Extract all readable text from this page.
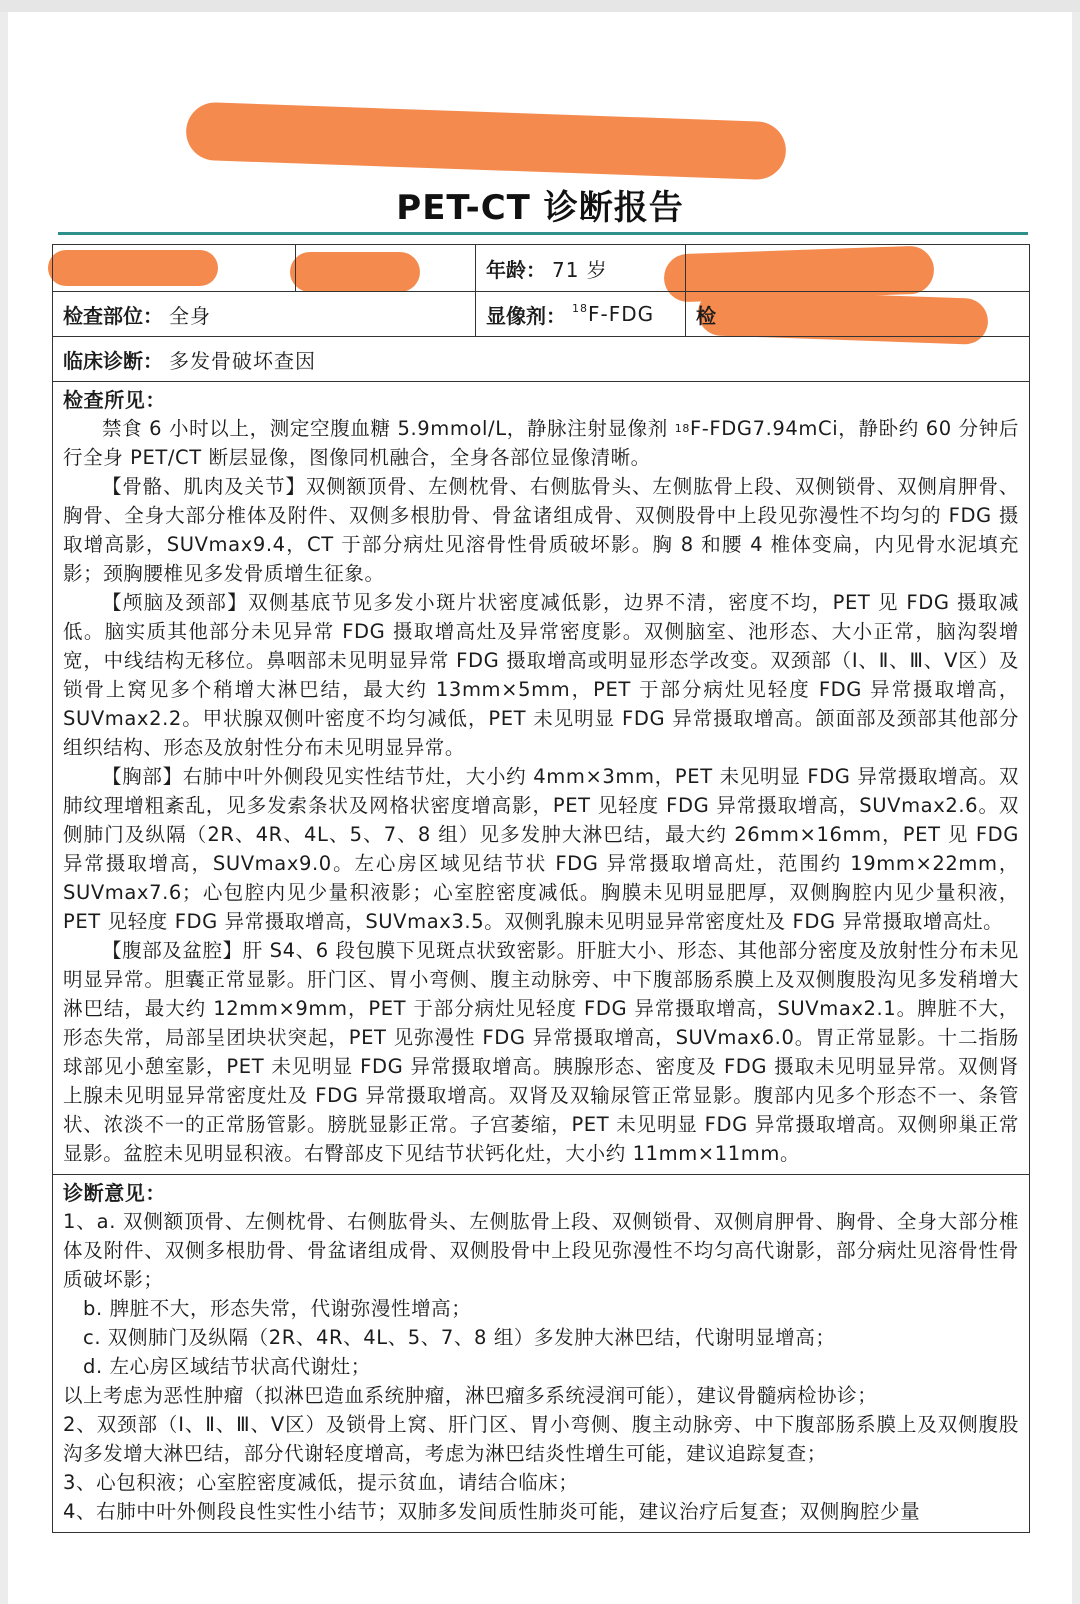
PET-CT 诊断报告
年龄： 71 岁
检查部位： 全身	显像剂： $^{18}$F-FDG 检
临床诊断： 多发骨破坏查因
检查所见：

禁食 6 小时以上，测定空腹血糖 5.9mmol/L，静脉注射显像剂 $^{18}$F-FDG7.94mCi，静卧约 60 分钟后行全身 PET/CT 断层显像，图像同机融合，全身各部位显像清晰。

【骨骼、肌肉及关节】双侧额顶骨、左侧枕骨、右侧肱骨头、左侧肱骨上段、双侧锁骨、双侧肩胛骨、胸骨、全身大部分椎体及附件、双侧多根肋骨、骨盆诸组成骨、双侧股骨中上段见弥漫性不均匀的 FDG 摄取增高影，SUVmax9.4，CT 于部分病灶见溶骨性骨质破坏影。胸 8 和腰 4 椎体变扁，内见骨水泥填充影；颈胸腰椎见多发骨质增生征象。

【颅脑及颈部】双侧基底节见多发小斑片状密度减低影，边界不清，密度不均，PET 见 FDG 摄取减低。脑实质其他部分未见异常 FDG 摄取增高灶及异常密度影。双侧脑室、池形态、大小正常，脑沟裂增宽，中线结构无移位。鼻咽部未见明显异常 FDG 摄取增高或明显形态学改变。双颈部（Ⅰ、Ⅱ、Ⅲ、Ⅴ区）及锁骨上窝见多个稍增大淋巴结，最大约 13mm×5mm，PET 于部分病灶见轻度 FDG 异常摄取增高，SUVmax2.2。甲状腺双侧叶密度不均匀减低，PET 未见明显 FDG 异常摄取增高。颌面部及颈部其他部分组织结构、形态及放射性分布未见明显异常。

【胸部】右肺中叶外侧段见实性结节灶，大小约 4mm×3mm，PET 未见明显 FDG 异常摄取增高。双肺纹理增粗紊乱，见多发索条状及网格状密度增高影，PET 见轻度 FDG 异常摄取增高，SUVmax2.6。双侧肺门及纵隔（2R、4R、4L、5、7、8 组）见多发肿大淋巴结，最大约 26mm×16mm，PET 见 FDG 异常摄取增高，SUVmax9.0。左心房区域见结节状 FDG 异常摄取增高灶，范围约 19mm×22mm，SUVmax7.6；心包腔内见少量积液影；心室腔密度减低。胸膜未见明显肥厚，双侧胸腔内见少量积液，PET 见轻度 FDG 异常摄取增高，SUVmax3.5。双侧乳腺未见明显异常密度灶及 FDG 异常摄取增高灶。

【腹部及盆腔】肝 S4、6 段包膜下见斑点状致密影。肝脏大小、形态、其他部分密度及放射性分布未见明显异常。胆囊正常显影。肝门区、胃小弯侧、腹主动脉旁、中下腹部肠系膜上及双侧腹股沟见多发稍增大淋巴结，最大约 12mm×9mm，PET 于部分病灶见轻度 FDG 异常摄取增高，SUVmax2.1。脾脏不大，形态失常，局部呈团块状突起，PET 见弥漫性 FDG 异常摄取增高，SUVmax6.0。胃正常显影。十二指肠球部见小憩室影，PET 未见明显 FDG 异常摄取增高。胰腺形态、密度及 FDG 摄取未见明显异常。双侧肾上腺未见明显异常密度灶及 FDG 异常摄取增高。双肾及双输尿管正常显影。腹部内见多个形态不一、条管状、浓淡不一的正常肠管影。膀胱显影正常。子宫萎缩，PET 未见明显 FDG 异常摄取增高。双侧卵巢正常显影。盆腔未见明显积液。右臀部皮下见结节状钙化灶，大小约 11mm×11mm。

诊断意见：

1、a. 双侧额顶骨、左侧枕骨、右侧肱骨头、左侧肱骨上段、双侧锁骨、双侧肩胛骨、胸骨、全身大部分椎体及附件、双侧多根肋骨、骨盆诸组成骨、双侧股骨中上段见弥漫性不均匀高代谢影，部分病灶见溶骨性骨质破坏影；

b. 脾脏不大，形态失常，代谢弥漫性增高；

c. 双侧肺门及纵隔（2R、4R、4L、5、7、8 组）多发肿大淋巴结，代谢明显增高；

d. 左心房区域结节状高代谢灶；

以上考虑为恶性肿瘤（拟淋巴造血系统肿瘤，淋巴瘤多系统浸润可能），建议骨髓病检协诊；

2、双颈部（Ⅰ、Ⅱ、Ⅲ、Ⅴ区）及锁骨上窝、肝门区、胃小弯侧、腹主动脉旁、中下腹部肠系膜上及双侧腹股沟多发增大淋巴结，部分代谢轻度增高，考虑为淋巴结炎性增生可能，建议追踪复查；

3、心包积液；心室腔密度减低，提示贫血，请结合临床；

4、右肺中叶外侧段良性实性小结节；双肺多发间质性肺炎可能，建议治疗后复查；双侧胸腔少量
